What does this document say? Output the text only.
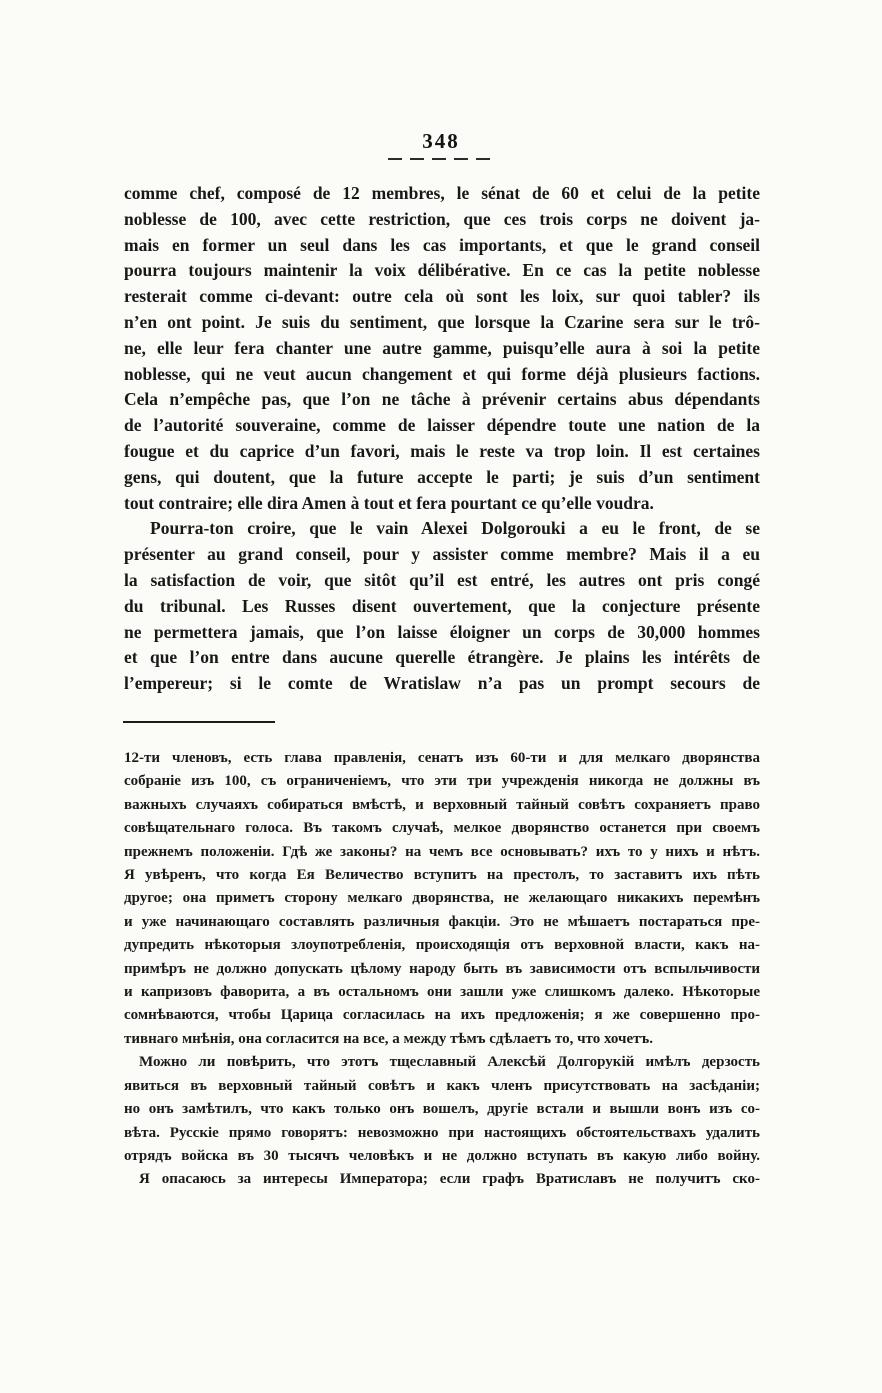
348
comme chef, composé de 12 membres, le sénat de 60 et celui de la petite
noblesse de 100, avec cette restriction, que ces trois corps ne doivent ja-
mais en former un seul dans les cas importants, et que le grand conseil
pourra toujours maintenir la voix délibérative. En ce cas la petite noblesse
resterait comme ci-devant: outre cela où sont les loix, sur quoi tabler? ils
n’en ont point. Je suis du sentiment, que lorsque la Czarine sera sur le trô-
ne, elle leur fera chanter une autre gamme, puisqu’elle aura à soi la petite
noblesse, qui ne veut aucun changement et qui forme déjà plusieurs factions.
Cela n’empêche pas, que l’on ne tâche à prévenir certains abus dépendants
de l’autorité souveraine, comme de laisser dépendre toute une nation de la
fougue et du caprice d’un favori, mais le reste va trop loin. Il est certaines
gens, qui doutent, que la future accepte le parti; je suis d’un sentiment
tout contraire; elle dira Amen à tout et fera pourtant ce qu’elle voudra.
Pourra-ton croire, que le vain Alexei Dolgorouki a eu le front, de se
présenter au grand conseil, pour y assister comme membre? Mais il a eu
la satisfaction de voir, que sitôt qu’il est entré, les autres ont pris congé
du tribunal. Les Russes disent ouvertement, que la conjecture présente
ne permettera jamais, que l’on laisse éloigner un corps de 30,000 hommes
et que l’on entre dans aucune querelle étrangère. Je plains les intérêts de
l’empereur; si le comte de Wratislaw n’a pas un prompt secours de
12-ти членовъ, есть глава правленія, сенатъ изъ 60-ти и для мелкаго дворянства
собраніе изъ 100, съ ограниченіемъ, что эти три учрежденія никогда не должны въ
важныхъ случаяхъ собираться вмѣстѣ, и верховный тайный совѣтъ сохраняетъ право
совѣщательнаго голоса. Въ такомъ случаѣ, мелкое дворянство останется при своемъ
прежнемъ положеніи. Гдѣ же законы? на чемъ все основывать? ихъ то у нихъ и нѣтъ.
Я увѣренъ, что когда Ея Величество вступитъ на престолъ, то заставитъ ихъ пѣть
другое; она приметъ сторону мелкаго дворянства, не желающаго никакихъ перемѣнъ
и уже начинающаго составлять различныя факціи. Это не мѣшаетъ постараться пре-
дупредить нѣкоторыя злоупотребленія, происходящія отъ верховной власти, какъ на-
примѣръ не должно допускать цѣлому народу быть въ зависимости отъ вспыльчивости
и капризовъ фаворита, а въ остальномъ они зашли уже слишкомъ далеко. Нѣкоторые
сомнѣваются, чтобы Царица согласилась на ихъ предложенія; я же совершенно про-
тивнаго мнѣнія, она согласится на все, а между тѣмъ сдѣлаетъ то, что хочетъ.
Можно ли повѣрить, что этотъ тщеславный Алексѣй Долгорукій имѣлъ дерзость
явиться въ верховный тайный совѣтъ и какъ членъ присутствовать на засѣданіи;
но онъ замѣтилъ, что какъ только онъ вошелъ, другіе встали и вышли вонъ изъ со-
вѣта. Русскіе прямо говорятъ: невозможно при настоящихъ обстоятельствахъ удалить
отрядъ войска въ 30 тысячъ человѣкъ и не должно вступать въ какую либо войну.
Я опасаюсь за интересы Императора; если графъ Вратиславъ не получитъ ско-
